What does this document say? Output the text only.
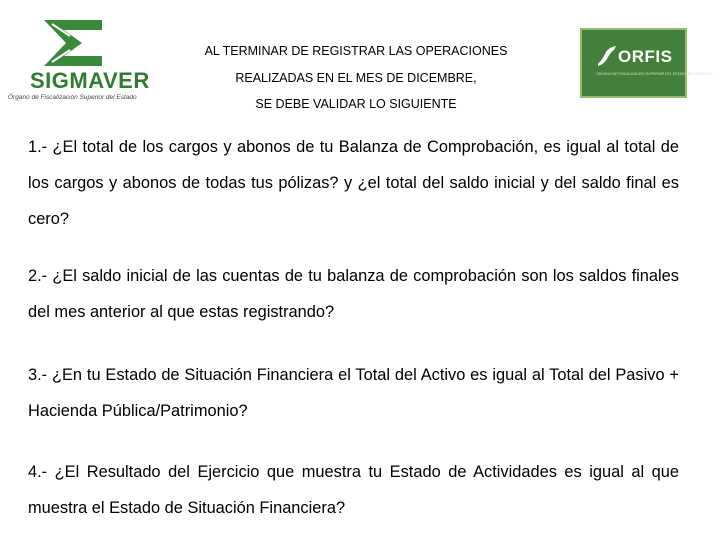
SIGMAVER
Órgano de Fiscalización Superior del Estado
AL TERMINAR DE REGISTRAR LAS OPERACIONES
REALIZADAS EN EL MES DE DICEMBRE,
SE DEBE VALIDAR LO SIGUIENTE
ORFIS
ÓRGANO DE FISCALIZACIÓN SUPERIOR DEL ESTADO DE VERACRUZ
1.- ¿El total de los cargos y abonos de tu Balanza de Comprobación, es igual al total de los cargos y abonos de todas tus pólizas? y ¿el total del saldo inicial y del saldo final es cero?
2.- ¿El saldo inicial de las cuentas de tu balanza de comprobación son los saldos finales del mes anterior al que estas registrando?
3.- ¿En tu Estado de Situación Financiera el Total del Activo es igual al Total del Pasivo + Hacienda Pública/Patrimonio?
4.- ¿El Resultado del Ejercicio que muestra tu Estado de Actividades es igual al que muestra el Estado de Situación Financiera?
